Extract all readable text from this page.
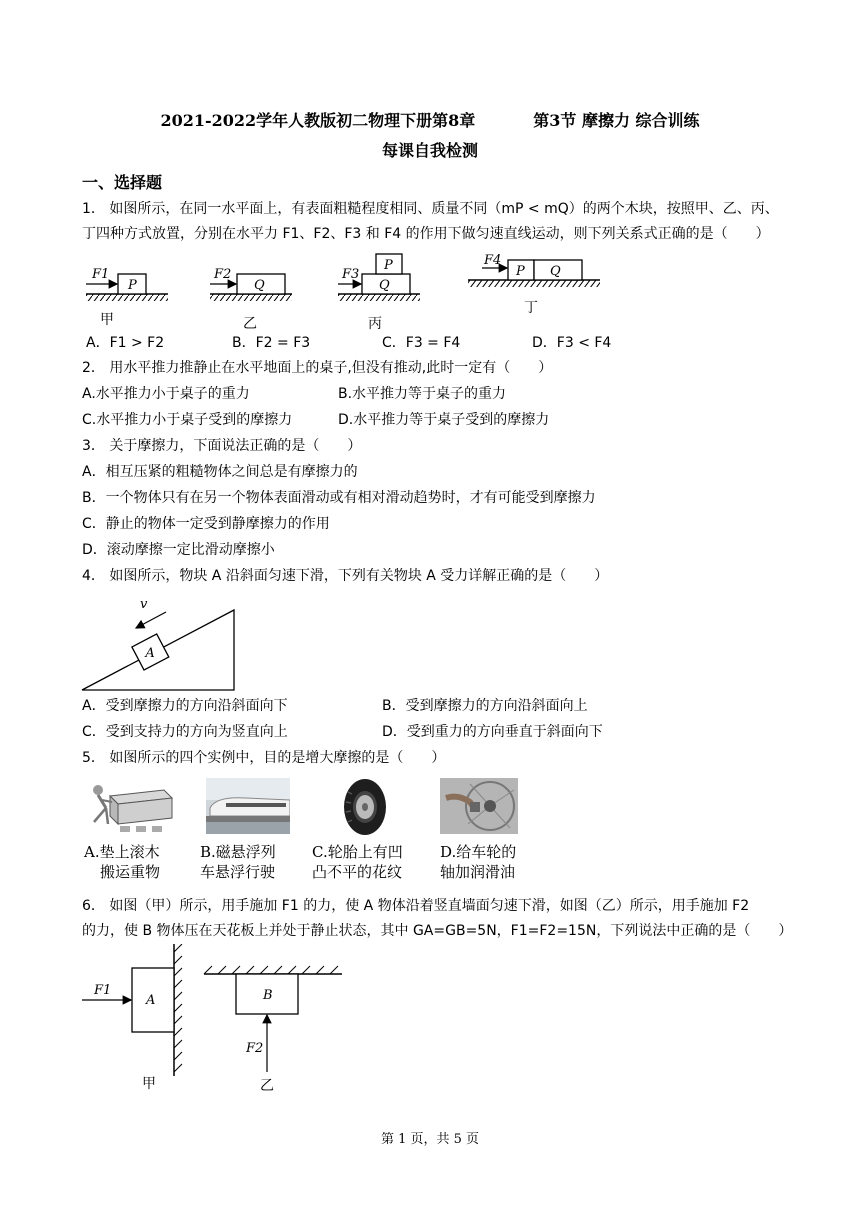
2021-2022学年人教版初二物理下册第8章	第3节 摩擦力 综合训练
每课自我检测
一、选择题
1． 如图所示，在同一水平面上，有表面粗糙程度相同、质量不同（mP < mQ）的两个木块，按照甲、乙、丙、
丁四种方式放置，分别在水平力 F1、F2、F3 和 F4 的作用下做匀速直线运动，则下列关系式正确的是（　　）
P
F1
甲
Q
F2
乙
Q
P
F3
丙
P Q
F4
丁
A．F1 > F2	B．F2 = F3	C．F3 = F4	D．F3 < F4
2． 用水平推力推静止在水平地面上的桌子,但没有推动,此时一定有（　　）
A.水平推力小于桌子的重力	B.水平推力等于桌子的重力
C.水平推力小于桌子受到的摩擦力	D.水平推力等于桌子受到的摩擦力
3． 关于摩擦力，下面说法正确的是（　　）
A．相互压紧的粗糙物体之间总是有摩擦力的
B．一个物体只有在另一个物体表面滑动或有相对滑动趋势时，才有可能受到摩擦力
C．静止的物体一定受到静摩擦力的作用
D．滚动摩擦一定比滑动摩擦小
4． 如图所示，物块 A 沿斜面匀速下滑，下列有关物块 A 受力详解正确的是（　　）
A
v
A．受到摩擦力的方向沿斜面向下	B．受到摩擦力的方向沿斜面向上
C．受到支持力的方向为竖直向上	D．受到重力的方向垂直于斜面向下
5． 如图所示的四个实例中，目的是增大摩擦的是（　　）
A.垫上滚木
搬运重物
B.磁悬浮列
车悬浮行驶
C.轮胎上有凹
凸不平的花纹
D.给车轮的
轴加润滑油
6． 如图（甲）所示，用手施加 F1 的力，使 A 物体沿着竖直墙面匀速下滑，如图（乙）所示，用手施加 F2
的力，使 B 物体压在天花板上并处于静止状态，其中 GA=GB=5N，F1=F2=15N，下列说法中正确的是（　　）
A
F1
甲
B
F2
乙
第 1 页，共 5 页
